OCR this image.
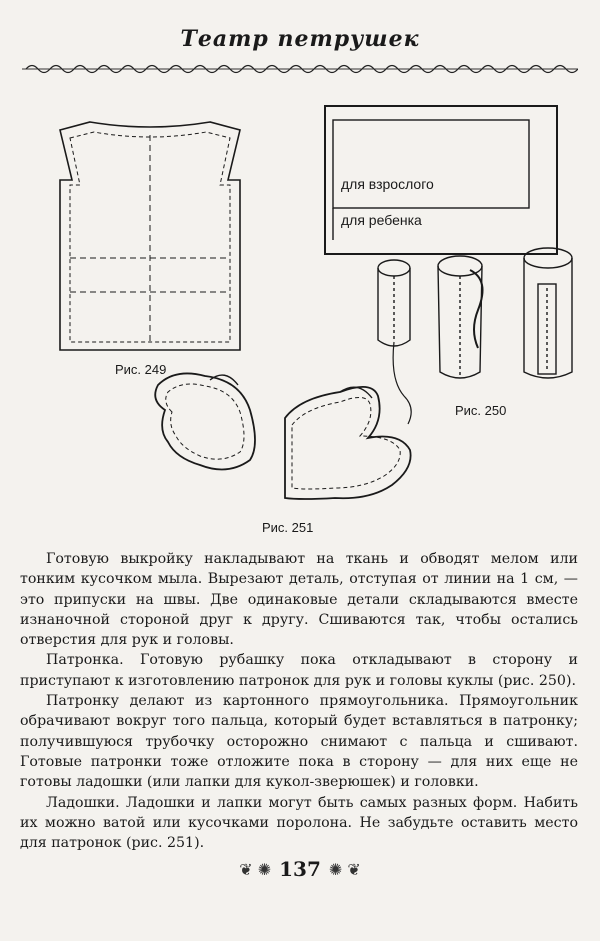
Театр петрушек
Рис. 249
для взрослого
для ребенка
Рис. 250
Рис. 251

Готовую выкройку накладывают на ткань и обводят мелом или тонким кусочком мыла. Вырезают деталь, отступая от линии на 1 см, — это припуски на швы. Две одинаковые детали складываются вместе изнаночной стороной друг к другу. Сшиваются так, чтобы остались отверстия для рук и головы.

Патронка. Готовую рубашку пока откладывают в сторону и приступают к изготовлению патронок для рук и головы куклы (рис. 250).

Патронку делают из картонного прямоугольника. Прямоугольник обрачивают вокруг того пальца, который будет вставляться в патронку; получившуюся трубочку осторожно снимают с пальца и сшивают. Готовые патронки тоже отложите пока в сторону — для них еще не готовы ладошки (или лапки для кукол-зверюшек) и головки.

Ладошки. Ладошки и лапки могут быть самых разных форм. Набить их можно ватой или кусочками поролона. Не забудьте оставить место для патронок (рис. 251).

❦ ✺ 137 ✺ ❦
